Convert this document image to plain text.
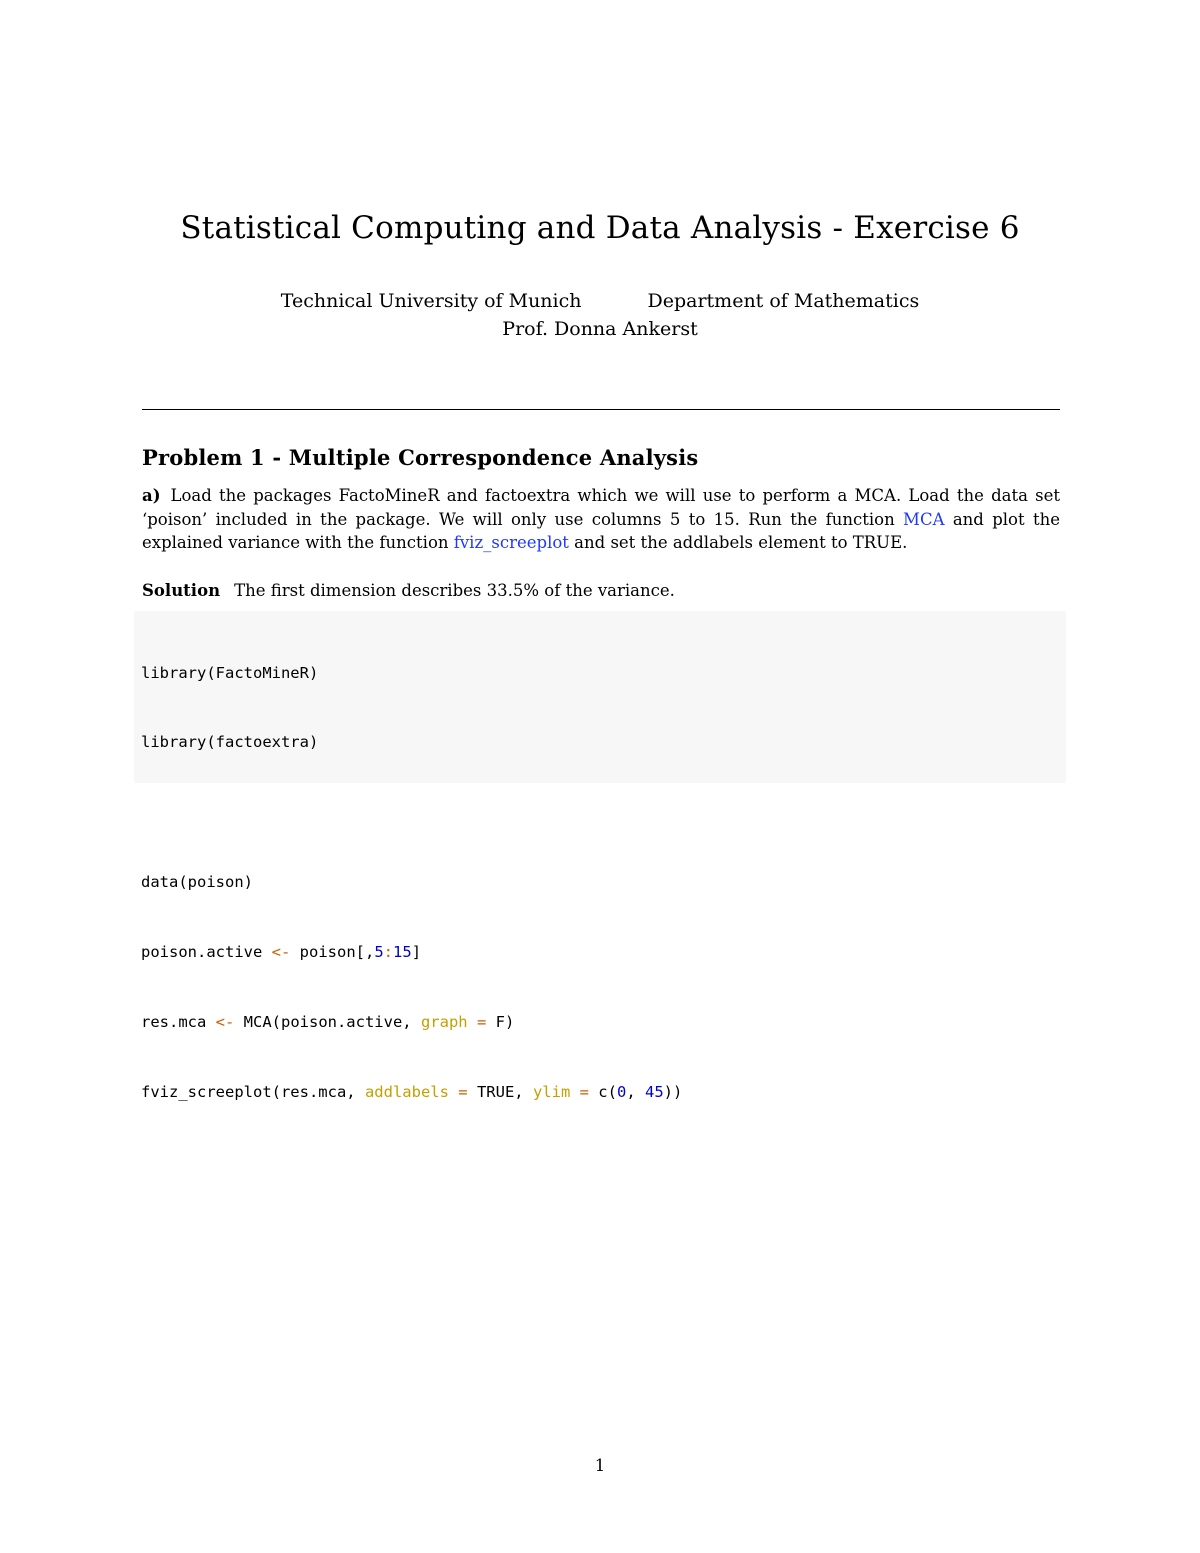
Statistical Computing and Data Analysis - Exercise 6
Technical University of Munich	Department of Mathematics
Prof. Donna Ankerst
Problem 1 - Multiple Correspondence Analysis
a) Load the packages FactoMineR and factoextra which we will use to perform a MCA. Load the data set ‘poison’ included in the package. We will only use columns 5 to 15. Run the function MCA and plot the explained variance with the function fviz_screeplot and set the addlabels element to TRUE.
Solution The first dimension describes 33.5% of the variance.

library(FactoMineR)

library(factoextra)

data(poison)

poison.active <- poison[,5:15]

res.mca <- MCA(poison.active, graph = F)

fviz_screeplot(res.mca, addlabels = TRUE, ylim = c(0, 45))

1
